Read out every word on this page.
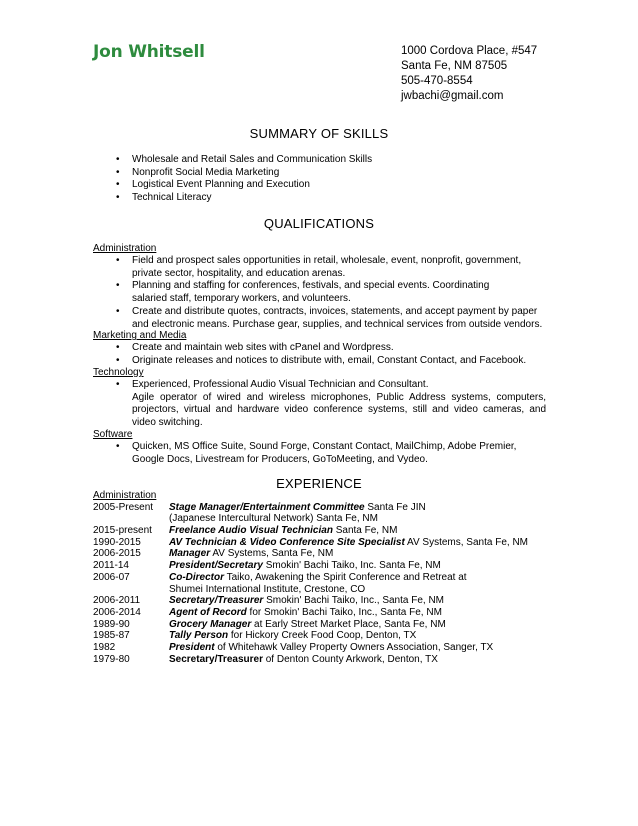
Jon Whitsell	1000 Cordova Place, #547
Santa Fe, NM 87505
505-470-8554
jwbachi@gmail.com
SUMMARY OF SKILLS
• Wholesale and Retail Sales and Communication Skills
• Nonprofit Social Media Marketing
• Logistical Event Planning and Execution
• Technical Literacy
QUALIFICATIONS
Administration
• Field and prospect sales opportunities in retail, wholesale, event, nonprofit, government,
private sector, hospitality, and education arenas.
• Planning and staffing for conferences, festivals, and special events. Coordinating
salaried staff, temporary workers, and volunteers.
• Create and distribute quotes, contracts, invoices, statements, and accept payment by paper
and electronic means. Purchase gear, supplies, and technical services from outside vendors.
Marketing and Media
• Create and maintain web sites with cPanel and Wordpress.
• Originate releases and notices to distribute with, email, Constant Contact, and Facebook.
Technology
• Experienced, Professional Audio Visual Technician and Consultant.
Agile operator of wired and wireless microphones, Public Address systems, computers, projectors, virtual and hardware video conference systems, still and video cameras, and video switching.
Software
• Quicken, MS Office Suite, Sound Forge, Constant Contact, MailChimp, Adobe Premier,
Google Docs, Livestream for Producers, GoToMeeting, and Vydeo.
EXPERIENCE
Administration
2005-Present Stage Manager/Entertainment Committee Santa Fe JIN
(Japanese Intercultural Network) Santa Fe, NM
2015-present Freelance Audio Visual Technician Santa Fe, NM
1990-2015	AV Technician & Video Conference Site Specialist AV Systems, Santa Fe, NM
2006-2015	Manager AV Systems, Santa Fe, NM
2011-14	President/Secretary Smokin' Bachi Taiko, Inc. Santa Fe, NM
2006-07	Co-Director Taiko, Awakening the Spirit Conference and Retreat at
Shumei International Institute, Crestone, CO
2006-2011	Secretary/Treasurer Smokin' Bachi Taiko, Inc., Santa Fe, NM
2006-2014	Agent of Record for Smokin' Bachi Taiko, Inc., Santa Fe, NM
1989-90	Grocery Manager at Early Street Market Place, Santa Fe, NM
1985-87	Tally Person for Hickory Creek Food Coop, Denton, TX
1982	President of Whitehawk Valley Property Owners Association, Sanger, TX
1979-80	Secretary/Treasurer of Denton County Arkwork, Denton, TX
